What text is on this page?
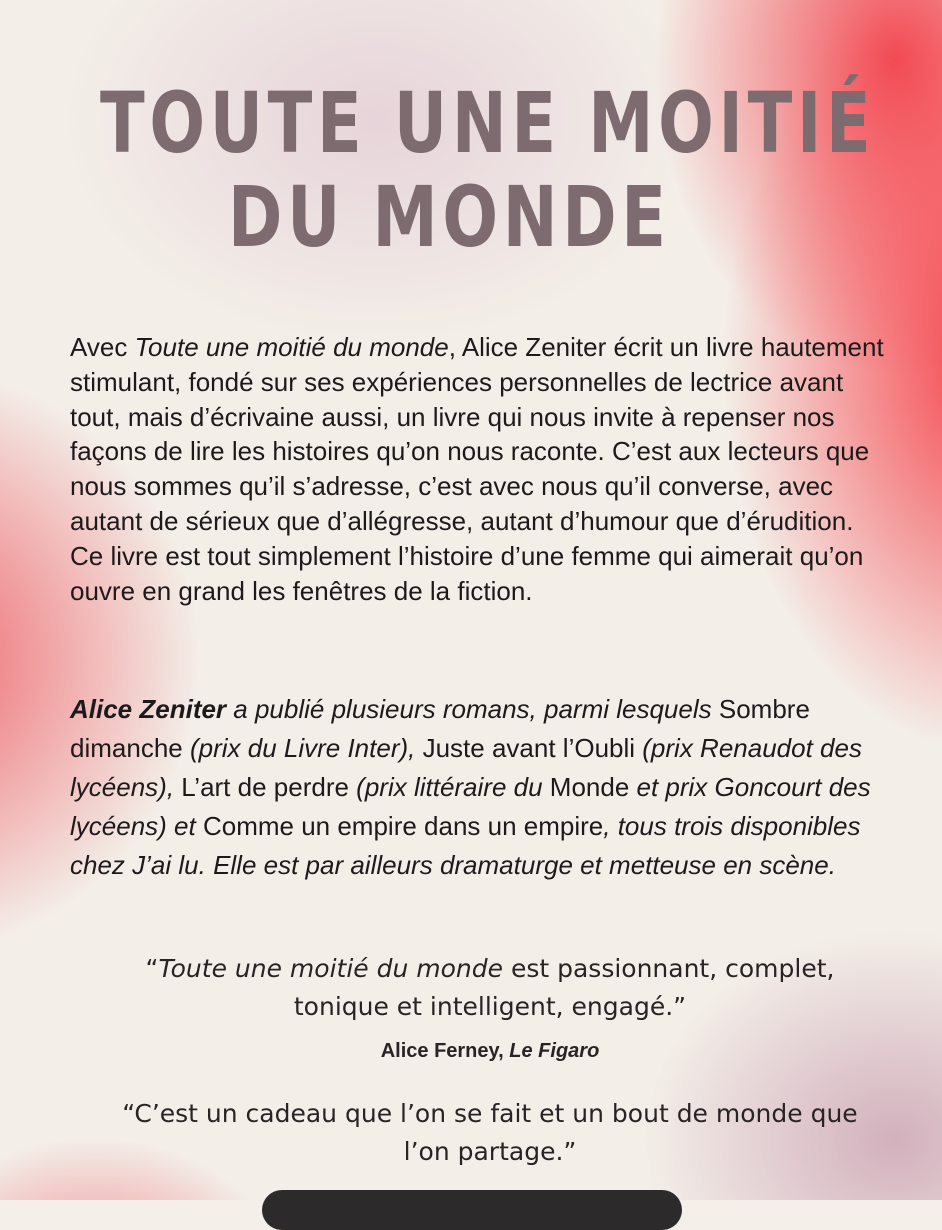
TOUTE UNE MOITIÉ
DU MONDE

Avec Toute une moitié du monde, Alice Zeniter écrit un livre hautement stimulant, fondé sur ses expériences personnelles de lectrice avant tout, mais d’écrivaine aussi, un livre qui nous invite à repenser nos façons de lire les histoires qu’on nous raconte. C’est aux lecteurs que nous sommes qu’il s’adresse, c’est avec nous qu’il converse, avec autant de sérieux que d’allégresse, autant d’humour que d’érudition. Ce livre est tout simplement l’histoire d’une femme qui aimerait qu’on ouvre en grand les fenêtres de la fiction.

Alice Zeniter a publié plusieurs romans, parmi lesquels Sombre dimanche (prix du Livre Inter), Juste avant l’Oubli (prix Renaudot des lycéens), L’art de perdre (prix littéraire du Monde et prix Goncourt des lycéens) et Comme un empire dans un empire, tous trois disponibles chez J’ai lu. Elle est par ailleurs dramaturge et metteuse en scène.

“Toute une moitié du monde est passionnant, complet, tonique et intelligent, engagé.”

Alice Ferney, Le Figaro

“C’est un cadeau que l’on se fait et un bout de monde que l’on partage.”
